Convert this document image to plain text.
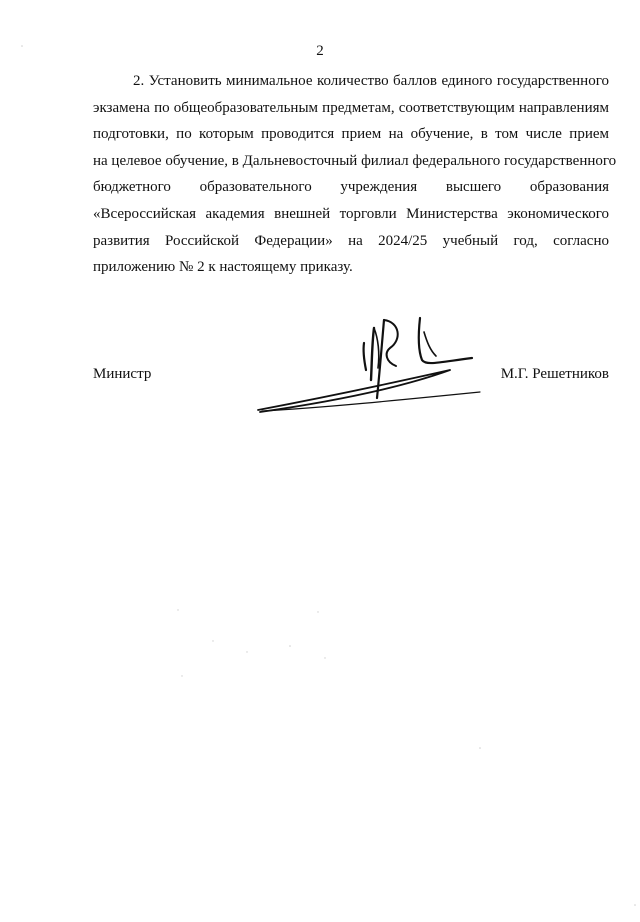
2
2. Установить минимальное количество баллов единого государственного
экзамена по общеобразовательным предметам, соответствующим направлениям
подготовки, по которым проводится прием на обучение, в том числе прием
на целевое обучение, в Дальневосточный филиал федерального государственного
бюджетного образовательного учреждения высшего образования
«Всероссийская академия внешней торговли Министерства экономического
развития Российской Федерации» на 2024/25 учебный год, согласно
приложению № 2 к настоящему приказу.
Министр	М.Г. Решетников
